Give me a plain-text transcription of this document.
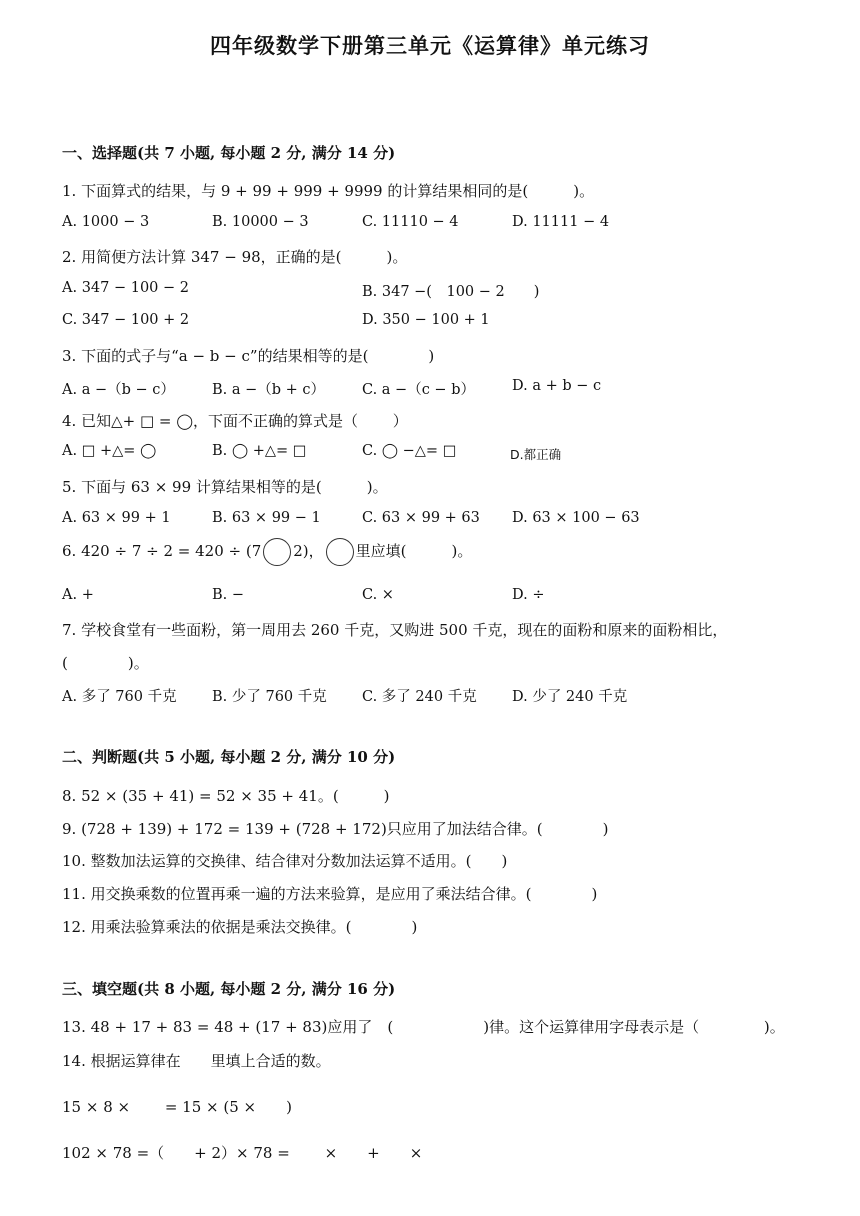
四年级数学下册第三单元《运算律》单元练习
一、选择题(共 7 小题, 每小题 2 分, 满分 14 分)
1. 下面算式的结果，与 9 + 99 + 999 + 9999 的计算结果相同的是(　　　)。
A. 1000 − 3	B. 10000 − 3	C. 11110 − 4	D. 11111 − 4
2. 用简便方法计算 347 − 98，正确的是(　　　)。
A. 347 − 100 − 2	B. 347 −(　100 − 2　　)
C. 347 − 100 + 2	D. 350 − 100 + 1
3. 下面的式子与“a − b − c”的结果相等的是(　　　　)
A. a −（b − c）	B. a −（b + c）	C. a −（c − b）	D. a + b − c
4. 已知△+ □ = ◯，下面不正确的算式是（　　 ）
A. □ +△= ◯	B. ◯ +△= □	C. ◯ −△= □	D.都正确
5. 下面与 63 × 99 计算结果相等的是(　　　)。
A. 63 × 99 + 1	B. 63 × 99 − 1	C. 63 × 99 + 63 D. 63 × 100 − 63
6. 420 ÷ 7 ÷ 2 = 420 ÷ (7 2)， 里应填(　　　)。
A. +	B. −	C. ×	D. ÷
7. 学校食堂有一些面粉，第一周用去 260 千克，又购进 500 千克，现在的面粉和原来的面粉相比，
(　　　　)。
A. 多了 760 千克 B. 少了 760 千克 C. 多了 240 千克 D. 少了 240 千克
二、判断题(共 5 小题, 每小题 2 分, 满分 10 分)
8. 52 × (35 + 41) = 52 × 35 + 41。(　　　)
9. (728 + 139) + 172 = 139 + (728 + 172)只应用了加法结合律。(　　　　)
10. 整数加法运算的交换律、结合律对分数加法运算不适用。(　　)
11. 用交换乘数的位置再乘一遍的方法来验算，是应用了乘法结合律。(　　　　)
12. 用乘法验算乘法的依据是乘法交换律。(　　　　)
三、填空题(共 8 小题, 每小题 2 分, 满分 16 分)
13. 48 + 17 + 83 = 48 + (17 + 83)应用了　(　　　　　　)律。这个运算律用字母表示是（　　　　 )。
14. 根据运算律在　　里填上合适的数。
15 × 8 ×　　 = 15 × (5 ×　　)
102 × 78 =（　　+ 2）× 78 =　　 ×　　+　　×
